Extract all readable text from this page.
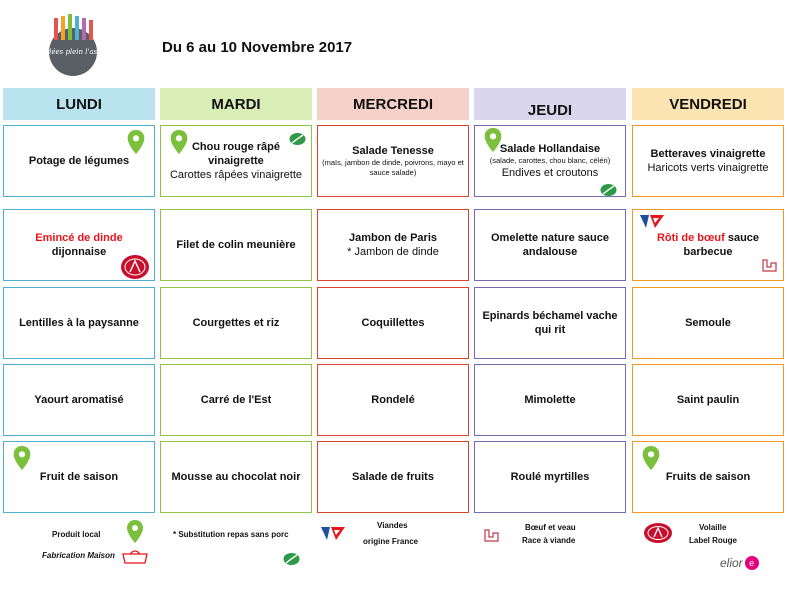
Des idées plein l'assiette	Du 6 au 10 Novembre 2017
LUNDI
Potage de légumes
Emincé de dinde dijonnaise
Lentilles à la paysanne
Yaourt aromatisé
Fruit de saison
MARDI
Chou rouge râpé vinaigrette
Carottes râpées vinaigrette
Filet de colin meunière
Courgettes et riz
Carré de l'Est
Mousse au chocolat noir
MERCREDI
Salade Tenesse
(maïs, jambon de dinde, poivrons, mayo et sauce salade)
Jambon de Paris
* Jambon de dinde
Coquillettes
Rondelé
Salade de fruits
JEUDI
Salade Hollandaise
(salade, carottes, chou blanc, céléri)
Endives et croutons
Omelette nature sauce andalouse
Epinards béchamel vache qui rit
Mimolette
Roulé myrtilles
VENDREDI
Betteraves vinaigrette
Haricots verts vinaigrette
Rôti de bœuf sauce barbecue
Semoule
Saint paulin
Fruits de saison
Produit local
Fabrication Maison
* Substitution repas sans porc
Viandes
origine France
Bœuf et veau
Race à viande
Volaille
Label Rouge
elior e
